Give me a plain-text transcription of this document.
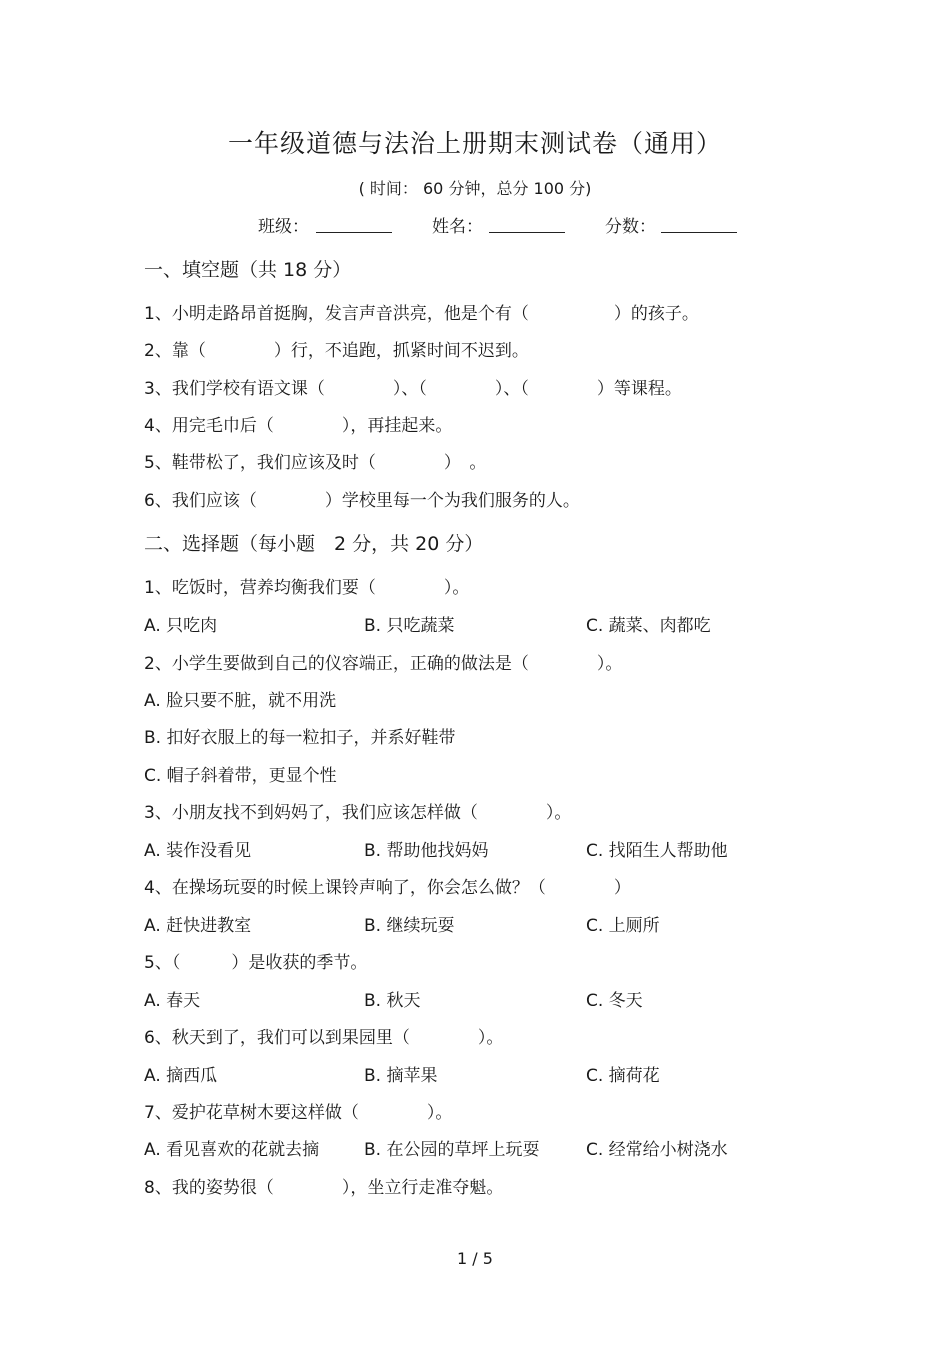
一年级道德与法治上册期末测试卷（通用）
( 时间： 60 分钟，总分 100 分)
班级：	姓名：	分数：
一、填空题（共 18 分）
1、小明走路昂首挺胸，发言声音洪亮，他是个有（　　　　　）的孩子。
2、靠（　　　　）行，不追跑，抓紧时间不迟到。
3、我们学校有语文课（　　　　）、（　　　　）、（　　　　）等课程。
4、用完毛巾后（　　　　），再挂起来。
5、鞋带松了，我们应该及时（　　　　）　。
6、我们应该（　　　　）学校里每一个为我们服务的人。
二、选择题（每小题　2 分，共 20 分）
1、吃饭时，营养均衡我们要（　　　　）。
A. 只吃肉	B. 只吃蔬菜	C. 蔬菜、肉都吃
2、小学生要做到自己的仪容端正，正确的做法是（　　　　）。
A. 脸只要不脏，就不用洗
B. 扣好衣服上的每一粒扣子，并系好鞋带
C. 帽子斜着带，更显个性
3、小朋友找不到妈妈了，我们应该怎样做（　　　　）。
A. 装作没看见	B. 帮助他找妈妈	C. 找陌生人帮助他
4、在操场玩耍的时候上课铃声响了，你会怎么做？（　　　　）
A. 赶快进教室	B. 继续玩耍	C. 上厕所
5、（　　　）是收获的季节。
A. 春天	B. 秋天	C. 冬天
6、秋天到了，我们可以到果园里（　　　　）。
A. 摘西瓜	B. 摘苹果	C. 摘荷花
7、爱护花草树木要这样做（　　　　）。
A. 看见喜欢的花就去摘	B. 在公园的草坪上玩耍	C. 经常给小树浇水
8、我的姿势很（　　　　），坐立行走准夺魁。
1 / 5
